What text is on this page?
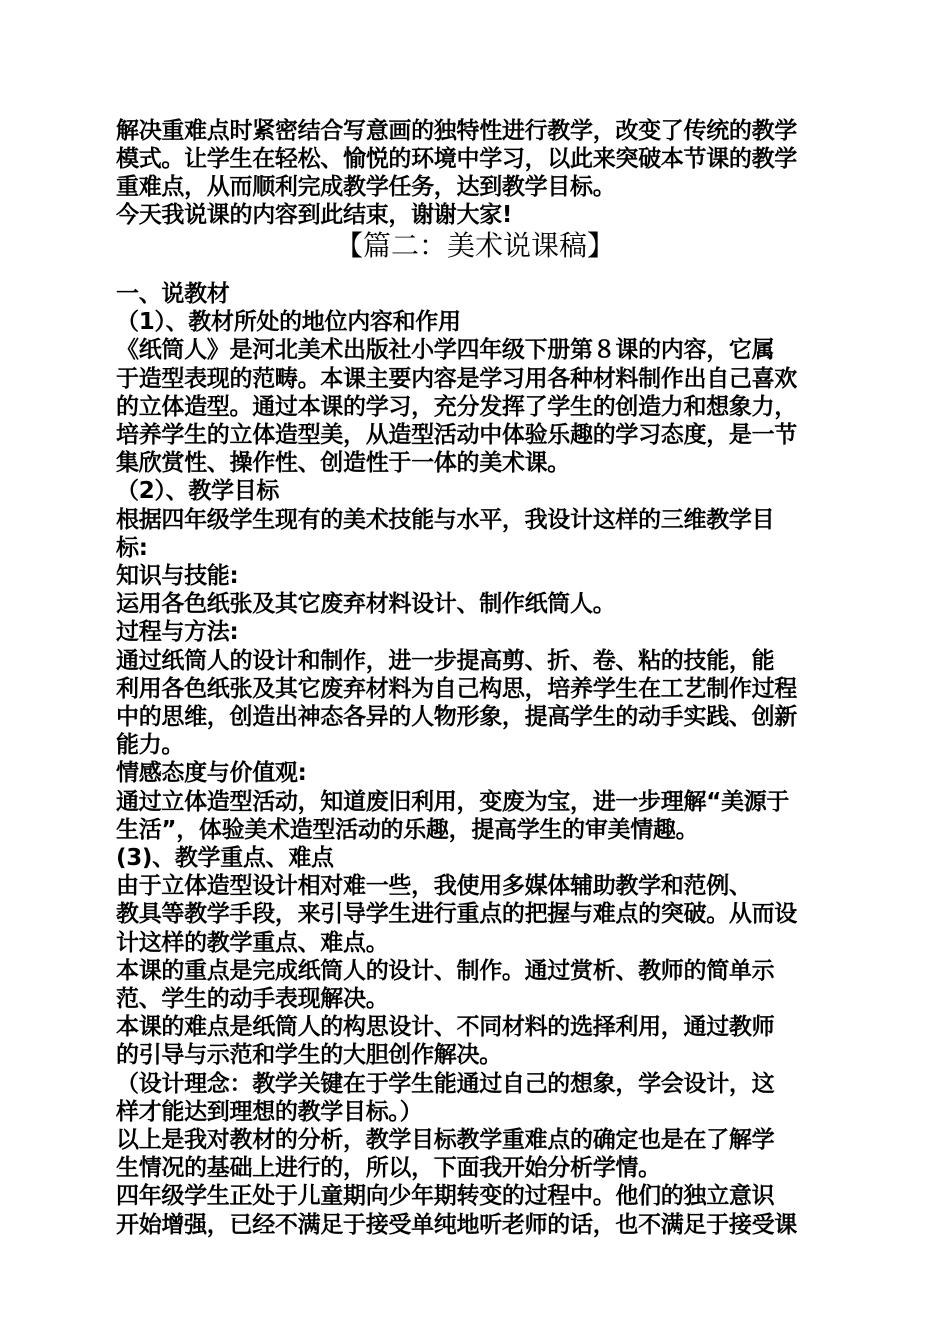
解决重难点时紧密结合写意画的独特性进行教学，改变了传统的教学
模式。让学生在轻松、愉悦的环境中学习，以此来突破本节课的教学
重难点，从而顺利完成教学任务，达到教学目标。
今天我说课的内容到此结束，谢谢大家!
【篇二：美术说课稿】
一、说教材
（1）、教材所处的地位内容和作用
《纸筒人》是河北美术出版社小学四年级下册第８课的内容，它属
于造型表现的范畴。本课主要内容是学习用各种材料制作出自己喜欢
的立体造型。通过本课的学习，充分发挥了学生的创造力和想象力，
培养学生的立体造型美，从造型活动中体验乐趣的学习态度，是一节
集欣赏性、操作性、创造性于一体的美术课。
（2）、教学目标
根据四年级学生现有的美术技能与水平，我设计这样的三维教学目
标:
知识与技能:
运用各色纸张及其它废弃材料设计、制作纸筒人。
过程与方法:
通过纸筒人的设计和制作，进一步提高剪、折、卷、粘的技能，能
利用各色纸张及其它废弃材料为自己构思，培养学生在工艺制作过程
中的思维，创造出神态各异的人物形象，提高学生的动手实践、创新
能力。
情感态度与价值观:
通过立体造型活动，知道废旧利用，变废为宝，进一步理解“美源于
生活”，体验美术造型活动的乐趣，提高学生的审美情趣。
(3)、教学重点、难点
由于立体造型设计相对难一些，我使用多媒体辅助教学和范例、
教具等教学手段，来引导学生进行重点的把握与难点的突破。从而设
计这样的教学重点、难点。
本课的重点是完成纸筒人的设计、制作。通过赏析、教师的简单示
范、学生的动手表现解决。
本课的难点是纸筒人的构思设计、不同材料的选择利用，通过教师
的引导与示范和学生的大胆创作解决。
（设计理念：教学关键在于学生能通过自己的想象，学会设计，这
样才能达到理想的教学目标。）
以上是我对教材的分析，教学目标教学重难点的确定也是在了解学
生情况的基础上进行的，所以，下面我开始分析学情。
四年级学生正处于儿童期向少年期转变的过程中。他们的独立意识
开始增强，已经不满足于接受单纯地听老师的话，也不满足于接受课
